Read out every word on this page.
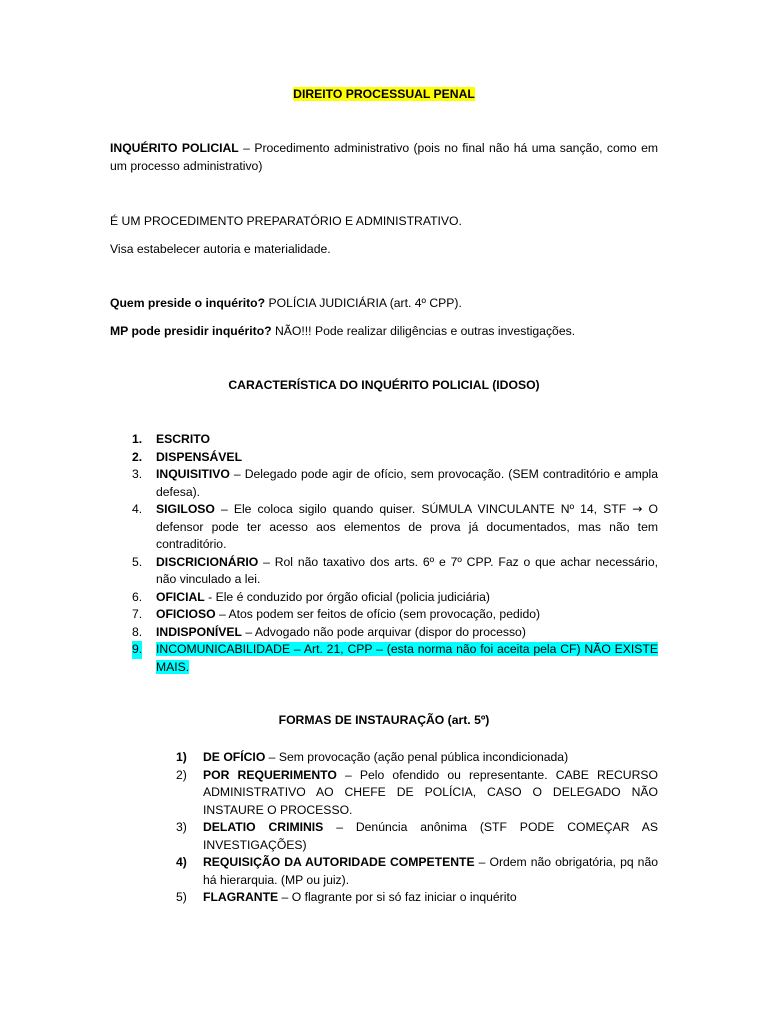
DIREITO PROCESSUAL PENAL

INQUÉRITO POLICIAL – Procedimento administrativo (pois no final não há uma sanção, como em um processo administrativo)

É UM PROCEDIMENTO PREPARATÓRIO E ADMINISTRATIVO.

Visa estabelecer autoria e materialidade.

Quem preside o inquérito? POLÍCIA JUDICIÁRIA (art. 4º CPP).

MP pode presidir inquérito? NÃO!!! Pode realizar diligências e outras investigações.

CARACTERÍSTICA DO INQUÉRITO POLICIAL (IDOSO)
1. ESCRITO
2. DISPENSÁVEL
3. INQUISITIVO – Delegado pode agir de ofício, sem provocação. (SEM contraditório e ampla defesa).
4. SIGILOSO – Ele coloca sigilo quando quiser. SÚMULA VINCULANTE Nº 14, STF → O defensor pode ter acesso aos elementos de prova já documentados, mas não tem contraditório.
5. DISCRICIONÁRIO – Rol não taxativo dos arts. 6º e 7º CPP. Faz o que achar necessário, não vinculado a lei.
6. OFICIAL - Ele é conduzido por órgão oficial (policia judiciária)
7. OFICIOSO – Atos podem ser feitos de ofício (sem provocação, pedido)
8. INDISPONÍVEL – Advogado não pode arquivar (dispor do processo)
9. INCOMUNICABILIDADE – Art. 21, CPP – (esta norma não foi aceita pela CF) NÃO EXISTE MAIS.
FORMAS DE INSTAURAÇÃO (art. 5º)
1) DE OFÍCIO – Sem provocação (ação penal pública incondicionada)
2) POR REQUERIMENTO – Pelo ofendido ou representante. CABE RECURSO ADMINISTRATIVO AO CHEFE DE POLÍCIA, CASO O DELEGADO NÃO INSTAURE O PROCESSO.
3) DELATIO CRIMINIS – Denúncia anônima (STF PODE COMEÇAR AS INVESTIGAÇÕES)
4) REQUISIÇÃO DA AUTORIDADE COMPETENTE – Ordem não obrigatória, pq não há hierarquia. (MP ou juiz).
5) FLAGRANTE – O flagrante por si só faz iniciar o inquérito
